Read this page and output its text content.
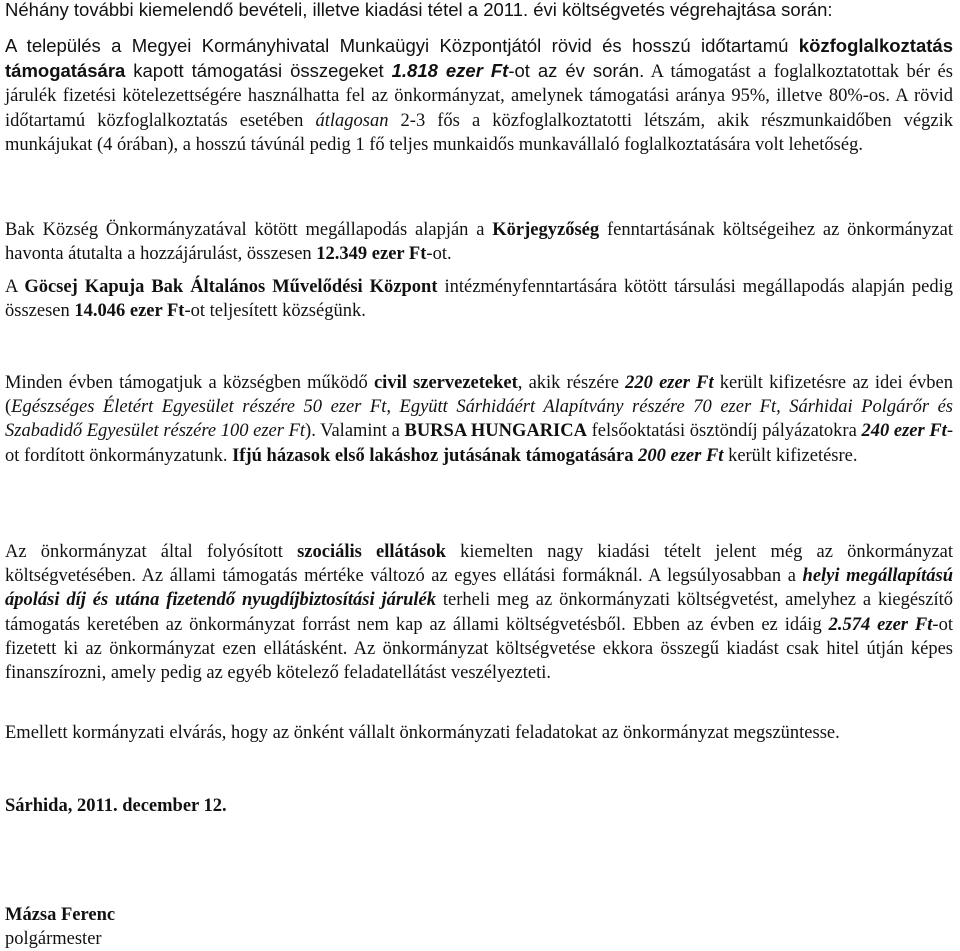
Néhány további kiemelendő bevételi, illetve kiadási tétel a 2011. évi költségvetés végrehajtása során:

A település a Megyei Kormányhivatal Munkaügyi Központjától rövid és hosszú időtartamú közfoglalkoztatás támogatására kapott támogatási összegeket 1.818 ezer Ft-ot az év során. A támogatást a foglalkoztatottak bér és járulék fizetési kötelezettségére használhatta fel az önkormányzat, amelynek támogatási aránya 95%, illetve 80%-os. A rövid időtartamú közfoglalkoztatás esetében átlagosan 2-3 fős a közfoglalkoztatotti létszám, akik részmunkaidőben végzik munkájukat (4 órában), a hosszú távúnál pedig 1 fő teljes munkaidős munkavállaló foglalkoztatására volt lehetőség.

Bak Község Önkormányzatával kötött megállapodás alapján a Körjegyzőség fenntartásának költségeihez az önkormányzat havonta átutalta a hozzájárulást, összesen 12.349 ezer Ft-ot.

A Göcsej Kapuja Bak Általános Művelődési Központ intézményfenntartására kötött társulási megállapodás alapján pedig összesen 14.046 ezer Ft-ot teljesített községünk.

Minden évben támogatjuk a községben működő civil szervezeteket, akik részére 220 ezer Ft került kifizetésre az idei évben (Egészséges Életért Egyesület részére 50 ezer Ft, Együtt Sárhidáért Alapítvány részére 70 ezer Ft, Sárhidai Polgárőr és Szabadidő Egyesület részére 100 ezer Ft). Valamint a BURSA HUNGARICA felsőoktatási ösztöndíj pályázatokra 240 ezer Ft-ot fordított önkormányzatunk. Ifjú házasok első lakáshoz jutásának támogatására 200 ezer Ft került kifizetésre.

Az önkormányzat által folyósított szociális ellátások kiemelten nagy kiadási tételt jelent még az önkormányzat költségvetésében. Az állami támogatás mértéke változó az egyes ellátási formáknál. A legsúlyosabban a helyi megállapítású ápolási díj és utána fizetendő nyugdíjbiztosítási járulék terheli meg az önkormányzati költségvetést, amelyhez a kiegészítő támogatás keretében az önkormányzat forrást nem kap az állami költségvetésből. Ebben az évben ez idáig 2.574 ezer Ft-ot fizetett ki az önkormányzat ezen ellátásként. Az önkormányzat költségvetése ekkora összegű kiadást csak hitel útján képes finanszírozni, amely pedig az egyéb kötelező feladatellátást veszélyezteti.

Emellett kormányzati elvárás, hogy az önként vállalt önkormányzati feladatokat az önkormányzat megszüntesse.

Sárhida, 2011. december 12.

Mázsa Ferenc

polgármester
